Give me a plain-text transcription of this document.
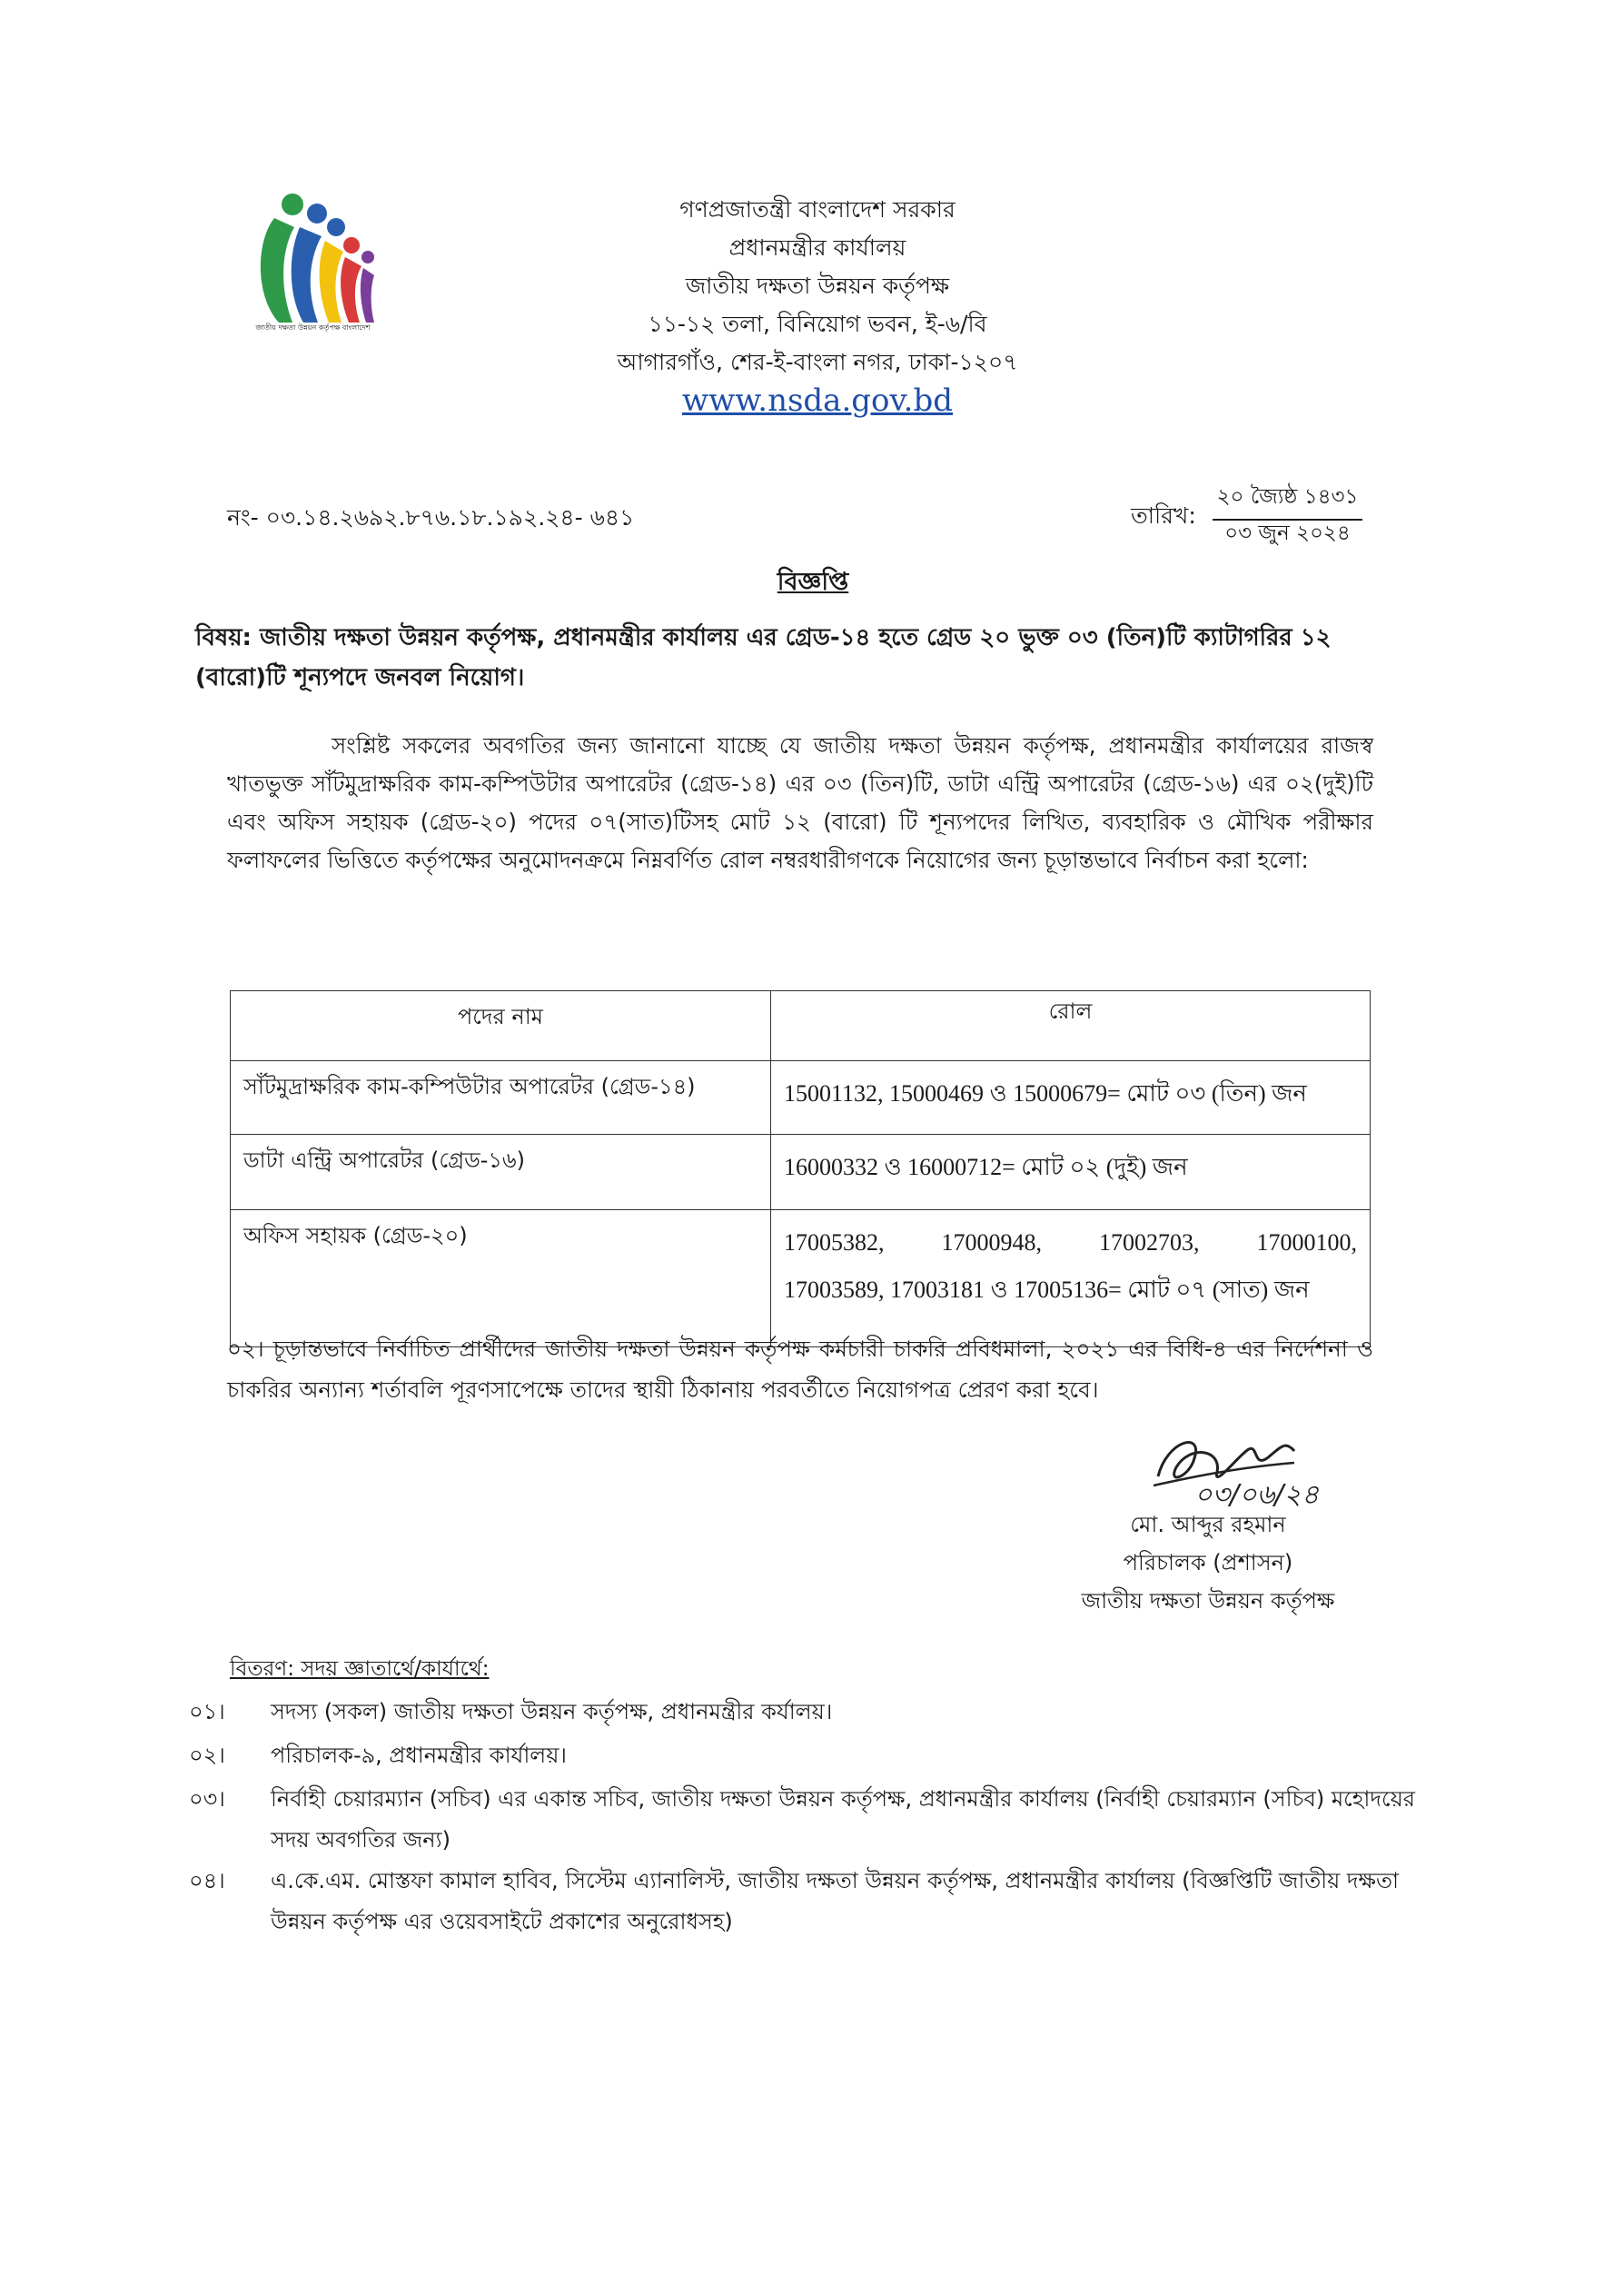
জাতীয় দক্ষতা উন্নয়ন কর্তৃপক্ষ বাংলাদেশ
গণপ্রজাতন্ত্রী বাংলাদেশ সরকার
প্রধানমন্ত্রীর কার্যালয়
জাতীয় দক্ষতা উন্নয়ন কর্তৃপক্ষ
১১-১২ তলা, বিনিয়োগ ভবন, ই-৬/বি
আগারগাঁও, শের-ই-বাংলা নগর, ঢাকা-১২০৭
www.nsda.gov.bd
নং- ০৩.১৪.২৬৯২.৮৭৬.১৮.১৯২.২৪- ৬৪১	তারিখ:
২০ জ্যৈষ্ঠ ১৪৩১
০৩ জুন ২০২৪
বিজ্ঞপ্তি
বিষয়: জাতীয় দক্ষতা উন্নয়ন কর্তৃপক্ষ, প্রধানমন্ত্রীর কার্যালয় এর গ্রেড-১৪ হতে গ্রেড ২০ ভুক্ত ০৩ (তিন)টি ক্যাটাগরির ১২ (বারো)টি শূন্যপদে জনবল নিয়োগ।
সংশ্লিষ্ট সকলের অবগতির জন্য জানানো যাচ্ছে যে জাতীয় দক্ষতা উন্নয়ন কর্তৃপক্ষ, প্রধানমন্ত্রীর কার্যালয়ের রাজস্ব খাতভুক্ত সাঁটমুদ্রাক্ষরিক কাম-কম্পিউটার অপারেটর (গ্রেড-১৪) এর ০৩ (তিন)টি, ডাটা এন্ট্রি অপারেটর (গ্রেড-১৬) এর ০২(দুই)টি এবং অফিস সহায়ক (গ্রেড-২০) পদের ০৭(সাত)টিসহ মোট ১২ (বারো) টি শূন্যপদের লিখিত, ব্যবহারিক ও মৌখিক পরীক্ষার ফলাফলের ভিত্তিতে কর্তৃপক্ষের অনুমোদনক্রমে নিম্নবর্ণিত রোল নম্বরধারীগণকে নিয়োগের জন্য চূড়ান্তভাবে নির্বাচন করা হলো:
পদের নাম	রোল
সাঁটমুদ্রাক্ষরিক কাম-কম্পিউটার অপারেটর (গ্রেড-১৪)	15001132, 15000469 ও 15000679= মোট ০৩ (তিন) জন
ডাটা এন্ট্রি অপারেটর (গ্রেড-১৬)	16000332 ও 16000712= মোট ০২ (দুই) জন
অফিস সহায়ক (গ্রেড-২০)	17005382, 17000948, 17002703, 17000100,
17003589, 17003181 ও 17005136= মোট ০৭ (সাত) জন
০২। চূড়ান্তভাবে নির্বাচিত প্রার্থীদের জাতীয় দক্ষতা উন্নয়ন কর্তৃপক্ষ কর্মচারী চাকরি প্রবিধমালা, ২০২১ এর বিধি-৪ এর নির্দেশনা ও চাকরির অন্যান্য শর্তাবলি পূরণসাপেক্ষে তাদের স্থায়ী ঠিকানায় পরবর্তীতে নিয়োগপত্র প্রেরণ করা হবে।
০৩/০৬/২৪
মো. আব্দুর রহমান
পরিচালক (প্রশাসন)
জাতীয় দক্ষতা উন্নয়ন কর্তৃপক্ষ
বিতরণ: সদয় জ্ঞাতার্থে/কার্যার্থে:
০১। সদস্য (সকল) জাতীয় দক্ষতা উন্নয়ন কর্তৃপক্ষ, প্রধানমন্ত্রীর কর্যালয়।
০২। পরিচালক-৯, প্রধানমন্ত্রীর কার্যালয়।
০৩। নির্বাহী চেয়ারম্যান (সচিব) এর একান্ত সচিব, জাতীয় দক্ষতা উন্নয়ন কর্তৃপক্ষ, প্রধানমন্ত্রীর কার্যালয় (নির্বাহী চেয়ারম্যান (সচিব) মহোদয়ের সদয় অবগতির জন্য)
০৪। এ.কে.এম. মোস্তফা কামাল হাবিব, সিস্টেম এ্যানালিস্ট, জাতীয় দক্ষতা উন্নয়ন কর্তৃপক্ষ, প্রধানমন্ত্রীর কার্যালয় (বিজ্ঞপ্তিটি জাতীয় দক্ষতা উন্নয়ন কর্তৃপক্ষ এর ওয়েবসাইটে প্রকাশের অনুরোধসহ)
